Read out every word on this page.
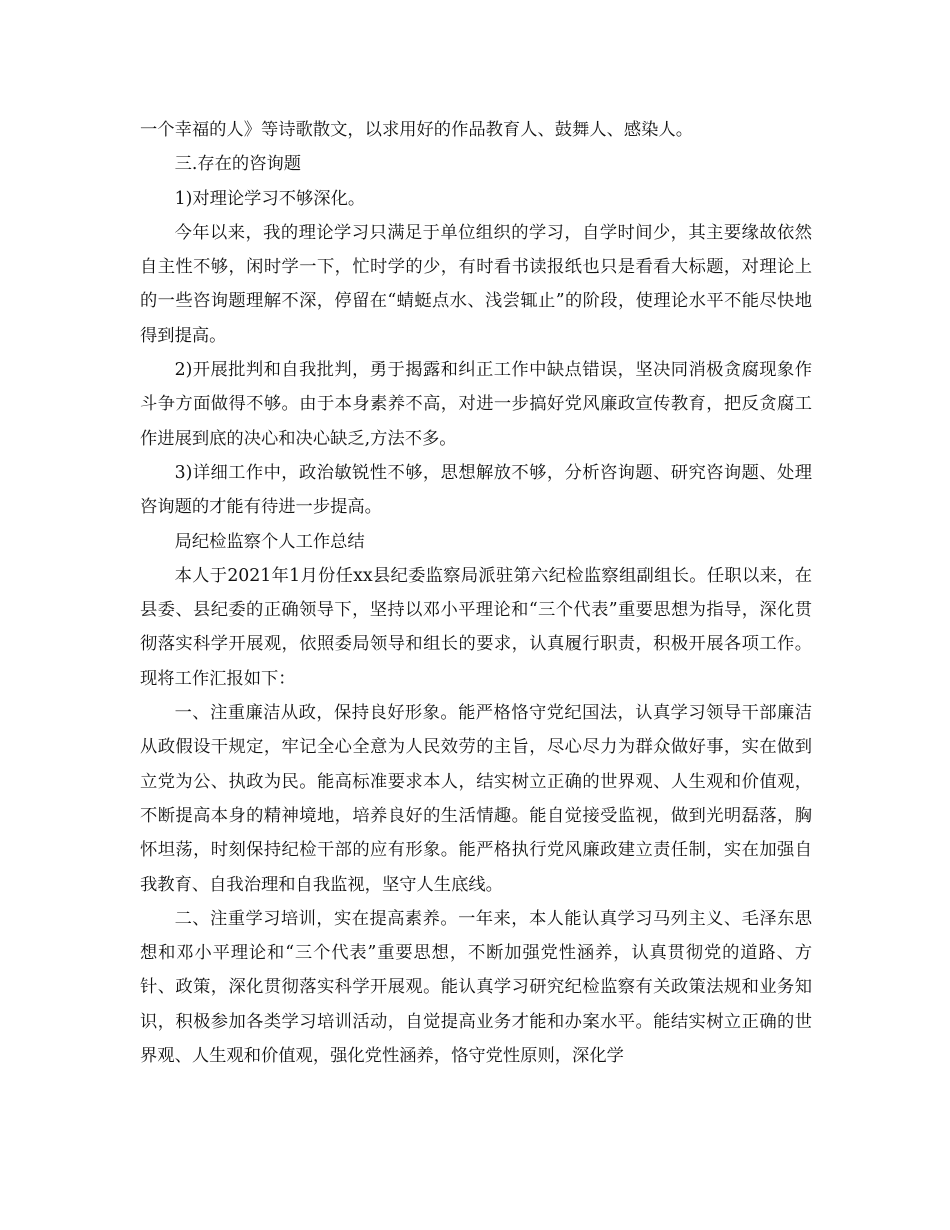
一个幸福的人》等诗歌散文，以求用好的作品教育人、鼓舞人、感染人。

三.存在的咨询题

1)对理论学习不够深化。

今年以来，我的理论学习只满足于单位组织的学习，自学时间少，其主要缘故依然自主性不够，闲时学一下，忙时学的少，有时看书读报纸也只是看看大标题，对理论上的一些咨询题理解不深，停留在“蜻蜓点水、浅尝辄止”的阶段，使理论水平不能尽快地得到提高。

2)开展批判和自我批判，勇于揭露和纠正工作中缺点错误，坚决同消极贪腐现象作斗争方面做得不够。由于本身素养不高，对进一步搞好党风廉政宣传教育，把反贪腐工作进展到底的决心和决心缺乏,方法不多。

3)详细工作中，政治敏锐性不够，思想解放不够，分析咨询题、研究咨询题、处理咨询题的才能有待进一步提高。

局纪检监察个人工作总结

本人于2021年1月份任xx县纪委监察局派驻第六纪检监察组副组长。任职以来，在县委、县纪委的正确领导下，坚持以邓小平理论和“三个代表”重要思想为指导，深化贯彻落实科学开展观，依照委局领导和组长的要求，认真履行职责，积极开展各项工作。现将工作汇报如下：

一、注重廉洁从政，保持良好形象。能严格恪守党纪国法，认真学习领导干部廉洁从政假设干规定，牢记全心全意为人民效劳的主旨，尽心尽力为群众做好事，实在做到立党为公、执政为民。能高标准要求本人，结实树立正确的世界观、人生观和价值观，不断提高本身的精神境地，培养良好的生活情趣。能自觉接受监视，做到光明磊落，胸怀坦荡，时刻保持纪检干部的应有形象。能严格执行党风廉政建立责任制，实在加强自我教育、自我治理和自我监视，坚守人生底线。

二、注重学习培训，实在提高素养。一年来，本人能认真学习马列主义、毛泽东思想和邓小平理论和“三个代表”重要思想，不断加强党性涵养，认真贯彻党的道路、方针、政策，深化贯彻落实科学开展观。能认真学习研究纪检监察有关政策法规和业务知识，积极参加各类学习培训活动，自觉提高业务才能和办案水平。能结实树立正确的世界观、人生观和价值观，强化党性涵养，恪守党性原则，深化学
